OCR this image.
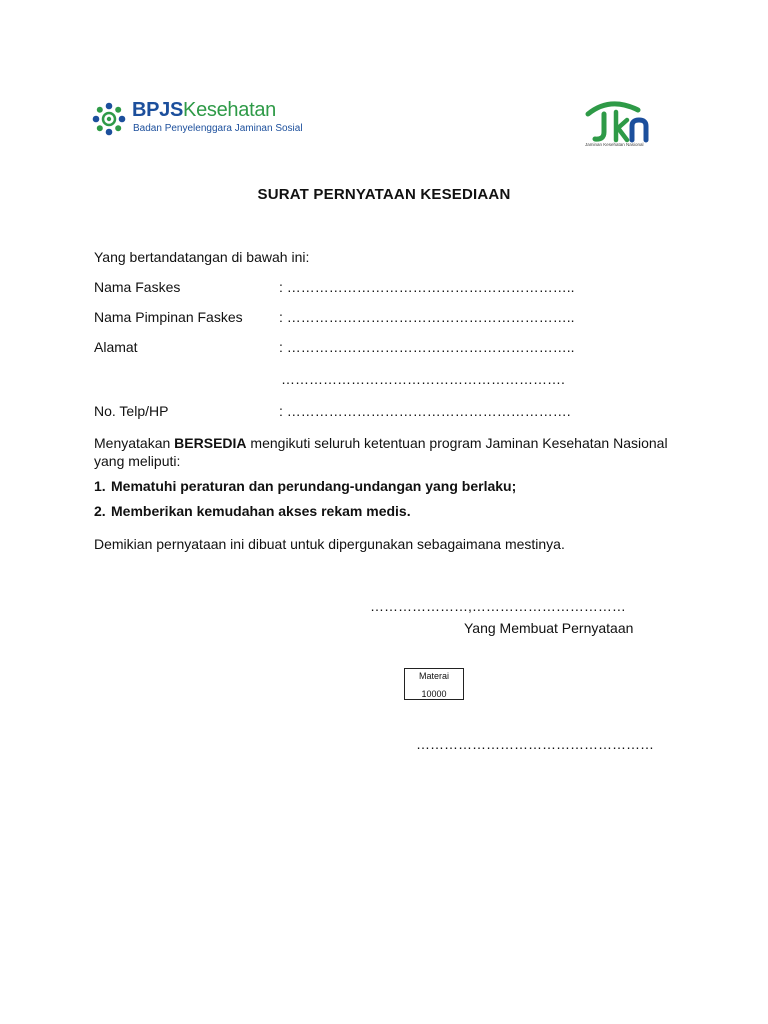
BPJSKesehatan
Badan Penyelenggara Jaminan Sosial
Jaminan Kesehatan Nasional
SURAT PERNYATAAN KESEDIAAN
Yang bertandatangan di bawah ini:
Nama Faskes	: ……………………………………………………..
Nama Pimpinan Faskes	: ……………………………………………………..
Alamat	: ……………………………………………………..
…………………………………………………….
No. Telp/HP	: …………………………………………………….
Menyatakan BERSEDIA mengikuti seluruh ketentuan program Jaminan Kesehatan Nasional yang meliputi:
1. Mematuhi peraturan dan perundang-undangan yang berlaku;
2. Memberikan kemudahan akses rekam medis.
Demikian pernyataan ini dibuat untuk dipergunakan sebagaimana mestinya.
…………………,……………………………
Yang Membuat Pernyataan
Materai
10000
……………………………………………
